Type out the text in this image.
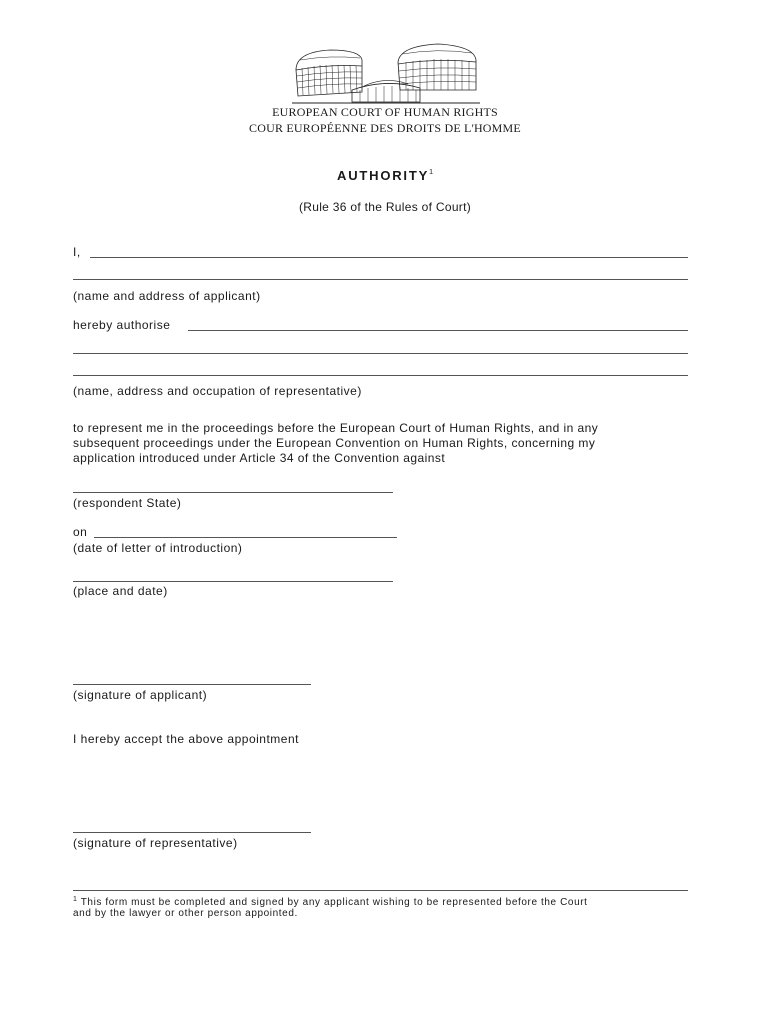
EUROPEAN COURT OF HUMAN RIGHTS
COUR EUROPÉENNE DES DROITS DE L'HOMME
AUTHORITY$^1$
(Rule 36 of the Rules of Court)
I,
(name and address of applicant)
hereby authorise
(name, address and occupation of representative)
to represent me in the proceedings before the European Court of Human Rights, and in any
subsequent proceedings under the European Convention on Human Rights, concerning my
application introduced under Article 34 of the Convention against
(respondent State)
on
(date of letter of introduction)
(place and date)
(signature of applicant)
I hereby accept the above appointment
(signature of representative)
$^1$ This form must be completed and signed by any applicant wishing to be represented before the Court
and by the lawyer or other person appointed.
